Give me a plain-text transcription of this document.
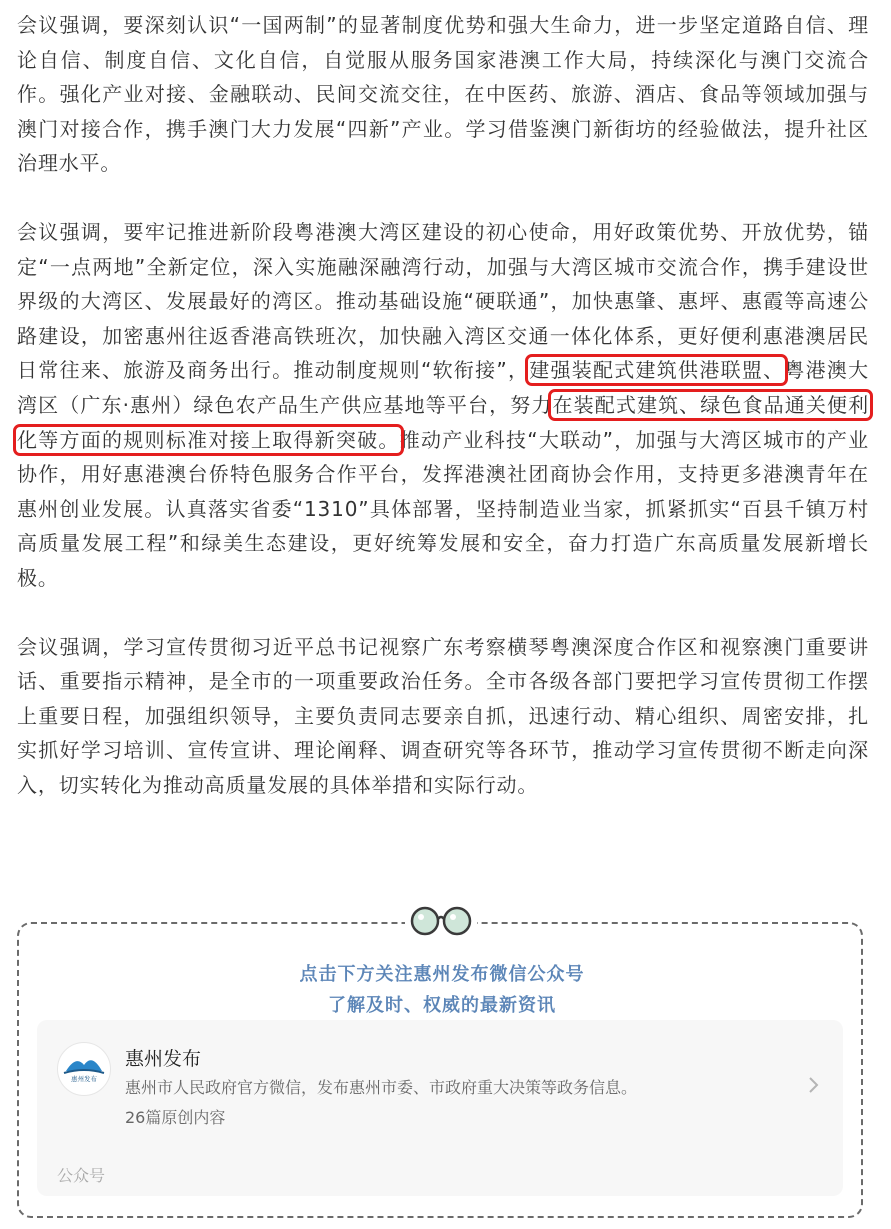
会议强调，要深刻认识“一国两制”的显著制度优势和强大生命力，进一步坚定道路自信、理论自信、制度自信、文化自信，自觉服从服务国家港澳工作大局，持续深化与澳门交流合作。强化产业对接、金融联动、民间交流交往，在中医药、旅游、酒店、食品等领域加强与澳门对接合作，携手澳门大力发展“四新”产业。学习借鉴澳门新街坊的经验做法，提升社区治理水平。

会议强调，要牢记推进新阶段粤港澳大湾区建设的初心使命，用好政策优势、开放优势，锚定“一点两地”全新定位，深入实施融深融湾行动，加强与大湾区城市交流合作，携手建设世界级的大湾区、发展最好的湾区。推动基础设施“硬联通”，加快惠肇、惠坪、惠霞等高速公路建设，加密惠州往返香港高铁班次，加快融入湾区交通一体化体系，更好便利惠港澳居民日常往来、旅游及商务出行。推动制度规则“软衔接”，建强装配式建筑供港联盟、粤港澳大湾区（广东·惠州）绿色农产品生产供应基地等平台，努力在装配式建筑、绿色食品通关便利化等方面的规则标准对接上取得新突破。推动产业科技“大联动”，加强与大湾区城市的产业协作，用好惠港澳台侨特色服务合作平台，发挥港澳社团商协会作用，支持更多港澳青年在惠州创业发展。认真落实省委“1310”具体部署，坚持制造业当家，抓紧抓实“百县千镇万村高质量发展工程”和绿美生态建设，更好统筹发展和安全，奋力打造广东高质量发展新增长极。

会议强调，学习宣传贯彻习近平总书记视察广东考察横琴粤澳深度合作区和视察澳门重要讲话、重要指示精神，是全市的一项重要政治任务。全市各级各部门要把学习宣传贯彻工作摆上重要日程，加强组织领导，主要负责同志要亲自抓，迅速行动、精心组织、周密安排，扎实抓好学习培训、宣传宣讲、理论阐释、调查研究等各环节，推动学习宣传贯彻不断走向深入，切实转化为推动高质量发展的具体举措和实际行动。

点击下方关注惠州发布微信公众号
了解及时、权威的最新资讯
惠州发布
惠州发布
惠州市人民政府官方微信，发布惠州市委、市政府重大决策等政务信息。
26篇原创内容
公众号
